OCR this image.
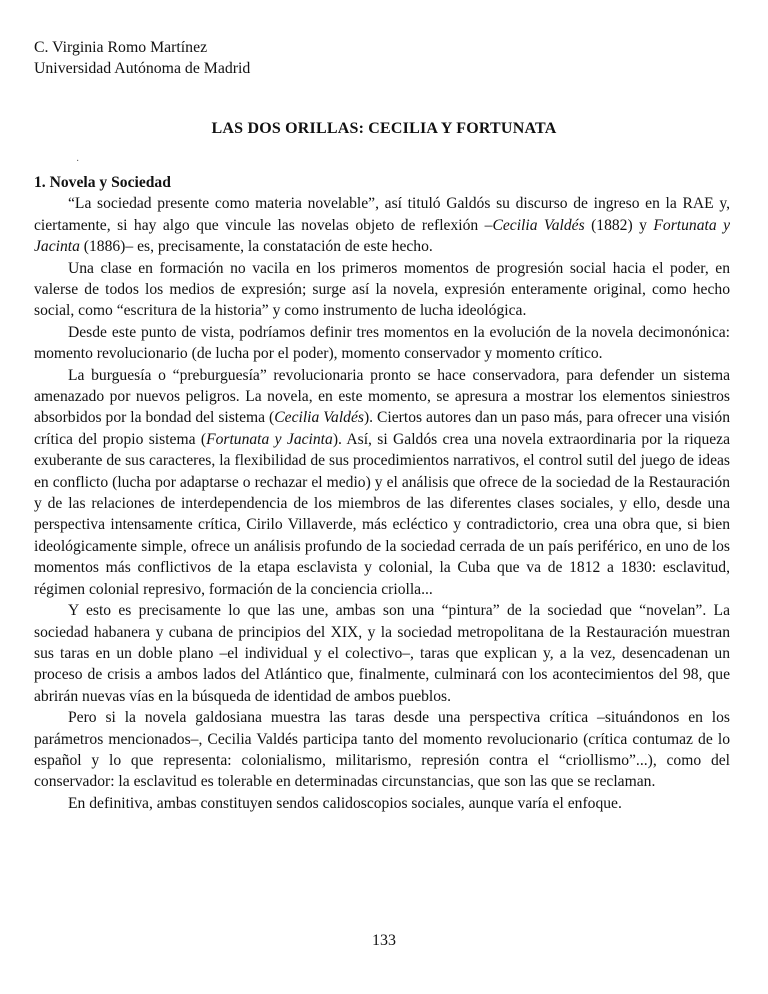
C. Virginia Romo Martínez
Universidad Autónoma de Madrid
LAS DOS ORILLAS: CECILIA Y FORTUNATA
·
1. Novela y Sociedad

“La sociedad presente como materia novelable”, así tituló Galdós su discurso de ingreso en la RAE y, ciertamente, si hay algo que vincule las novelas objeto de reflexión –Cecilia Valdés (1882) y Fortunata y Jacinta (1886)– es, precisamente, la constatación de este hecho.

Una clase en formación no vacila en los primeros momentos de progresión social hacia el poder, en valerse de todos los medios de expresión; surge así la novela, expresión enteramente original, como hecho social, como “escritura de la historia” y como instrumento de lucha ideológica.

Desde este punto de vista, podríamos definir tres momentos en la evolución de la novela decimonónica: momento revolucionario (de lucha por el poder), momento conservador y momento crítico.

La burguesía o “preburguesía” revolucionaria pronto se hace conservadora, para defender un sistema amenazado por nuevos peligros. La novela, en este momento, se apresura a mostrar los elementos siniestros absorbidos por la bondad del sistema (Cecilia Valdés). Ciertos autores dan un paso más, para ofrecer una visión crítica del propio sistema (Fortunata y Jacinta). Así, si Galdós crea una novela extraordinaria por la riqueza exuberante de sus caracteres, la flexibilidad de sus procedimientos narrativos, el control sutil del juego de ideas en conflicto (lucha por adaptarse o rechazar el medio) y el análisis que ofrece de la sociedad de la Restauración y de las relaciones de interdependencia de los miembros de las diferentes clases sociales, y ello, desde una perspectiva intensamente crítica, Cirilo Villaverde, más ecléctico y contradictorio, crea una obra que, si bien ideológicamente simple, ofrece un análisis profundo de la sociedad cerrada de un país periférico, en uno de los momentos más conflictivos de la etapa esclavista y colonial, la Cuba que va de 1812 a 1830: esclavitud, régimen colonial represivo, formación de la conciencia criolla...

Y esto es precisamente lo que las une, ambas son una “pintura” de la sociedad que “novelan”. La sociedad habanera y cubana de principios del XIX, y la sociedad metropolitana de la Restauración muestran sus taras en un doble plano –el individual y el colectivo–, taras que explican y, a la vez, desencadenan un proceso de crisis a ambos lados del Atlántico que, finalmente, culminará con los acontecimientos del 98, que abrirán nuevas vías en la búsqueda de identidad de ambos pueblos.

Pero si la novela galdosiana muestra las taras desde una perspectiva crítica –situándonos en los parámetros mencionados–, Cecilia Valdés participa tanto del momento revolucionario (crítica contumaz de lo español y lo que representa: colonialismo, militarismo, represión contra el “criollismo”...), como del conservador: la esclavitud es tolerable en determinadas circunstancias, que son las que se reclaman.

En definitiva, ambas constituyen sendos calidoscopios sociales, aunque varía el enfoque.

133
